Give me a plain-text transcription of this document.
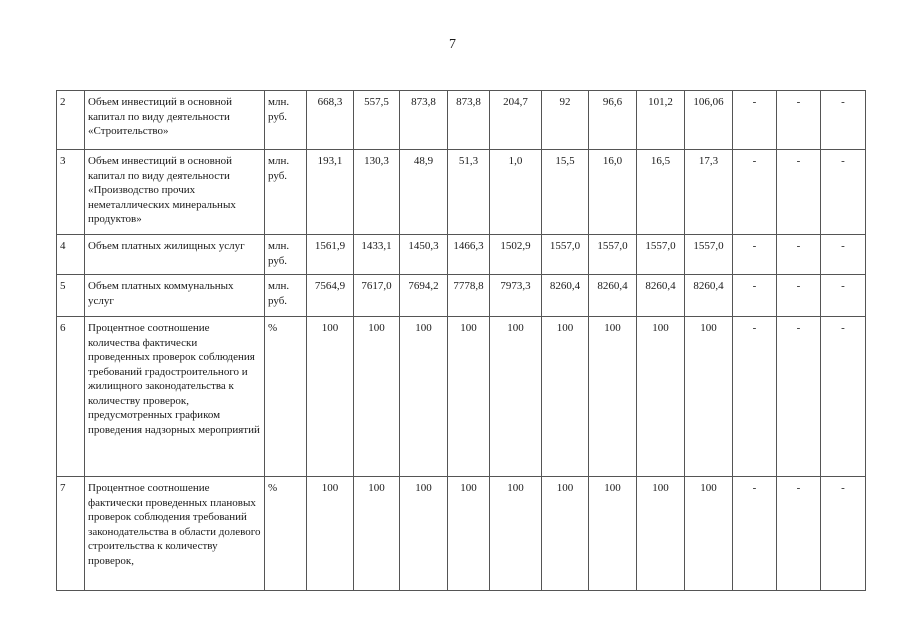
7
2	Объем инвестиций в основной капитал по виду деятельности «Строительство»	млн. руб.	668,3	557,5	873,8	873,8	204,7	92	96,6	101,2	106,06	-	-	-
3	Объем инвестиций в основной капитал по виду деятельности «Производство прочих неметаллических минеральных продуктов»	млн. руб.	193,1	130,3	48,9	51,3	1,0	15,5	16,0	16,5	17,3	-	-	-
4	Объем платных жилищных услуг	млн. руб.	1561,9	1433,1	1450,3	1466,3	1502,9	1557,0	1557,0	1557,0	1557,0	-	-	-
5	Объем платных коммунальных услуг	млн. руб.	7564,9	7617,0	7694,2	7778,8	7973,3	8260,4	8260,4	8260,4	8260,4	-	-	-
6	Процентное соотношение количества фактически проведенных проверок соблюдения требований градостроительного и жилищного законодательства к количеству проверок, предусмотренных графиком проведения надзорных мероприятий	%	100	100	100	100	100	100	100	100	100	-	-	-
7	Процентное соотношение фактически проведенных плановых проверок соблюдения требований законодательства в области долевого строительства к количеству проверок,	%	100	100	100	100	100	100	100	100	100	-	-	-
